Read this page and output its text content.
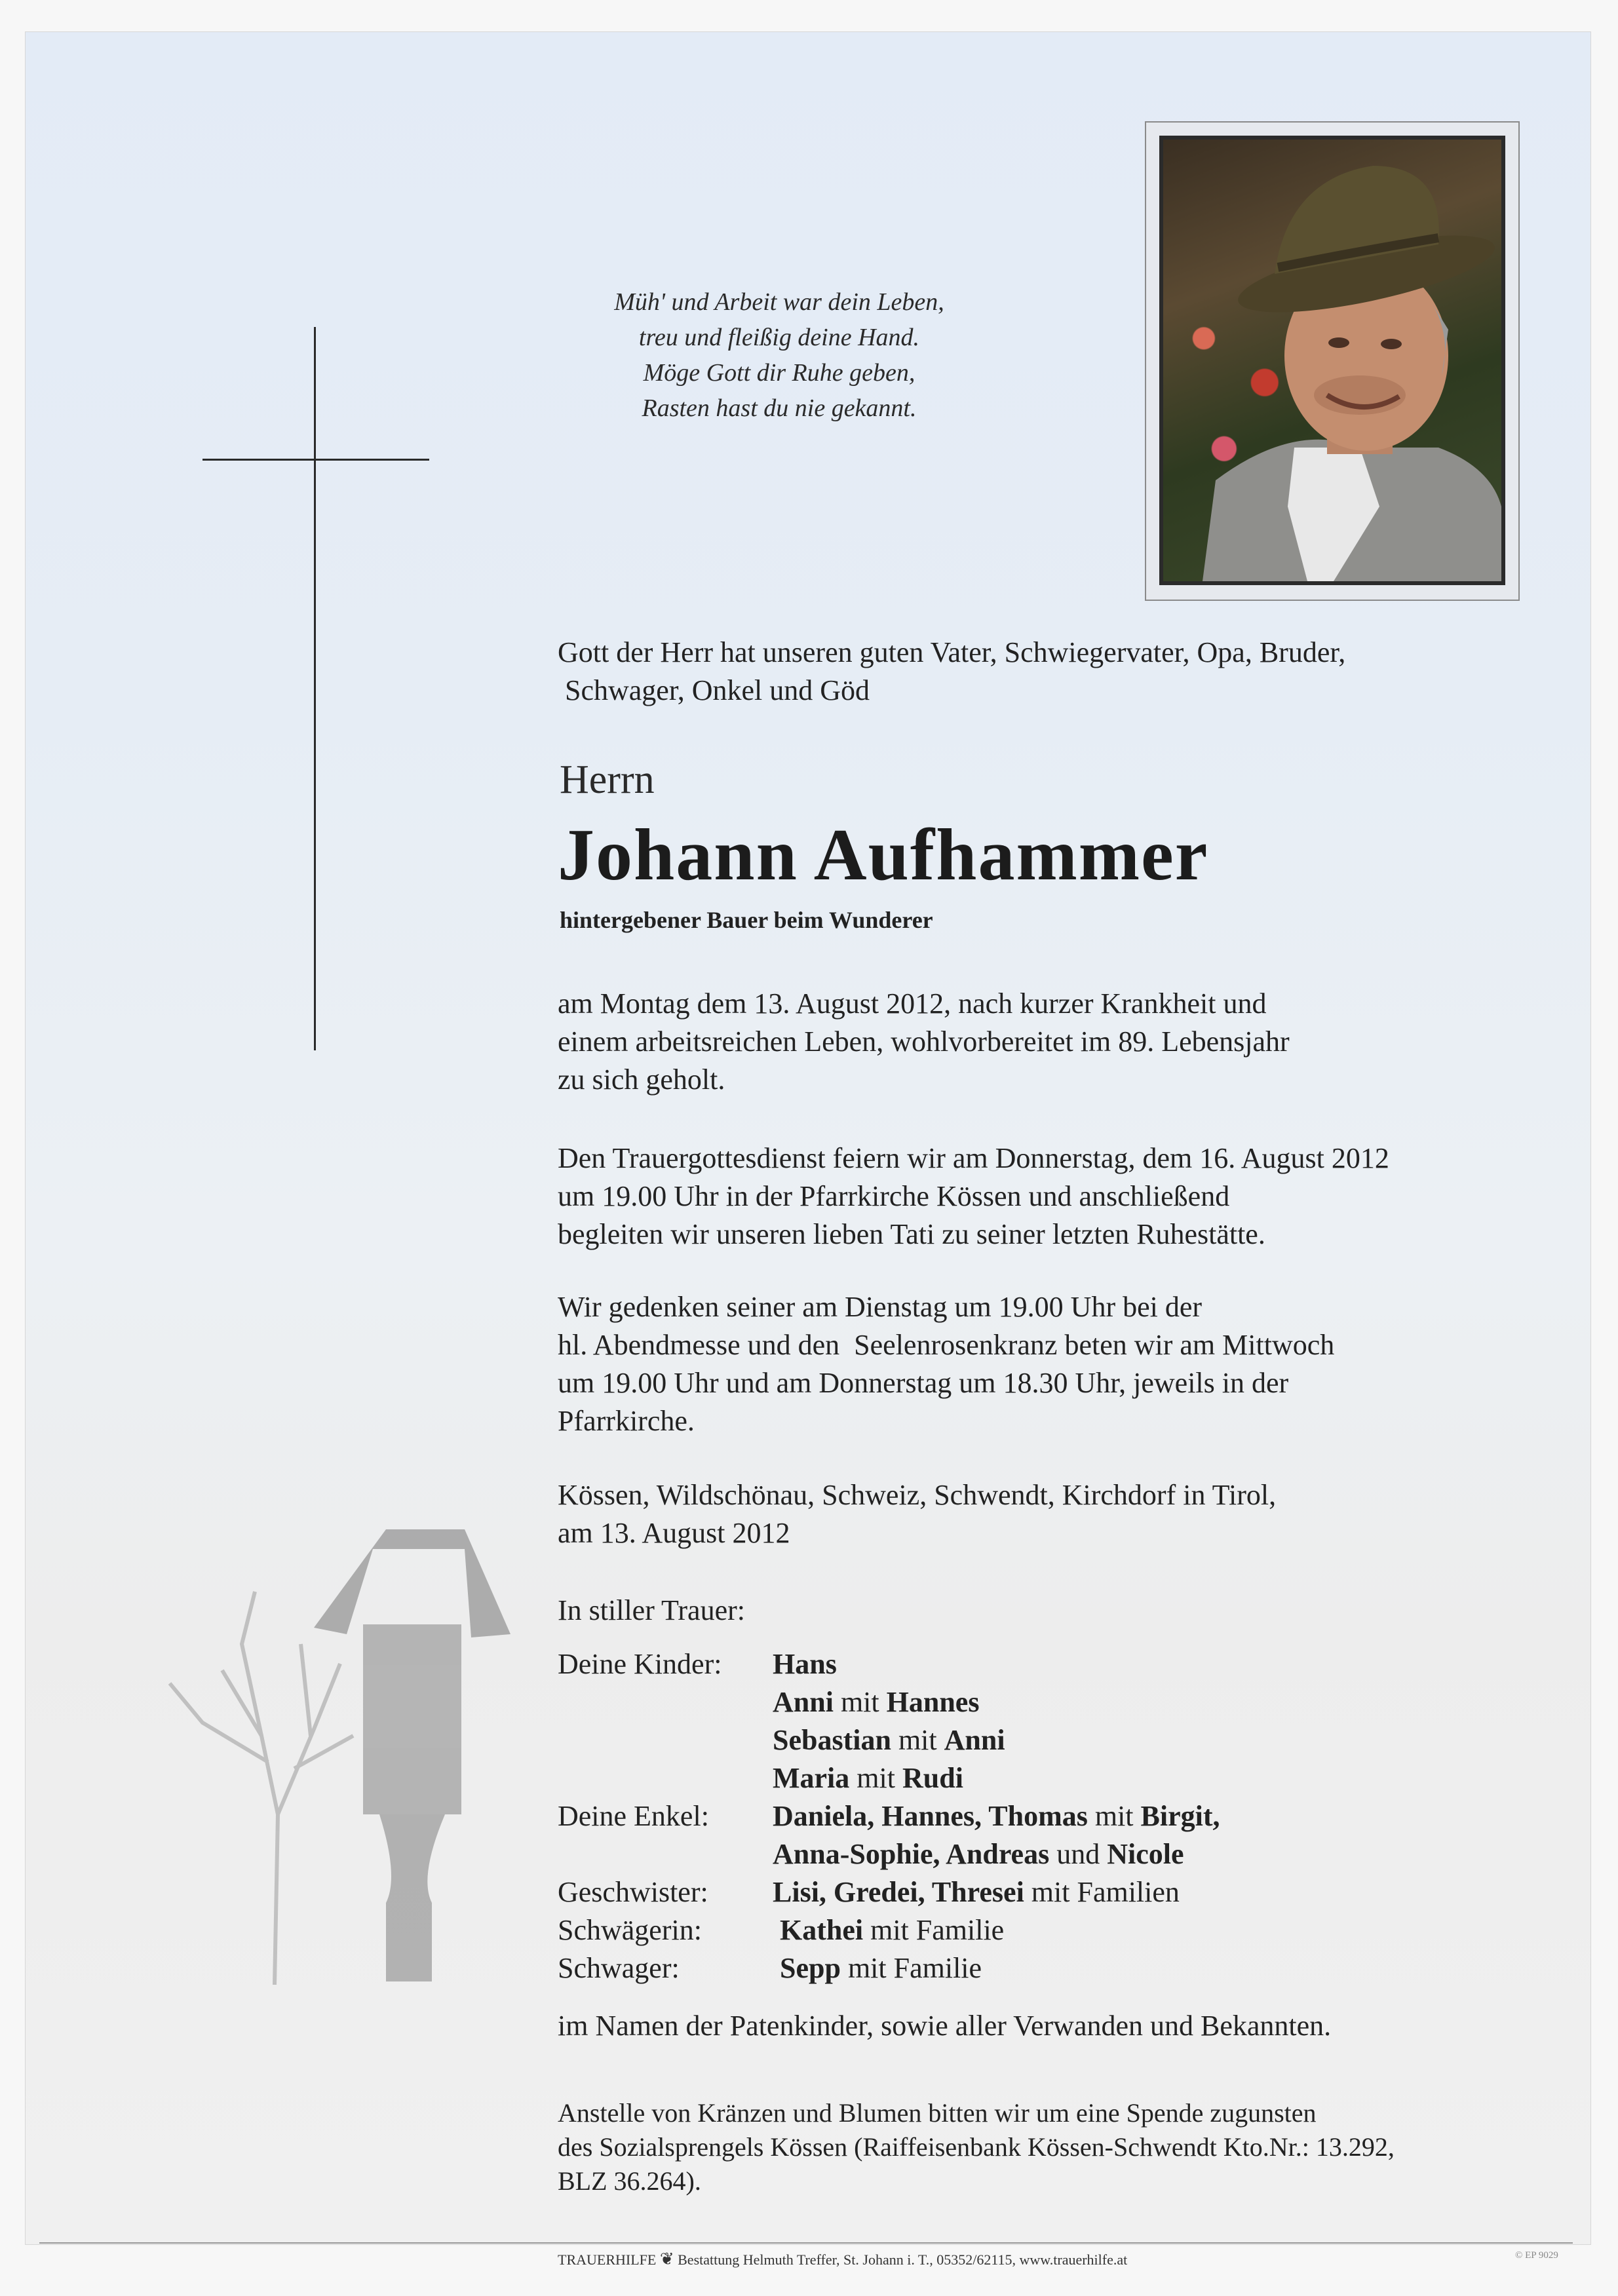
Müh' und Arbeit war dein Leben,
treu und fleißig deine Hand.
Möge Gott dir Ruhe geben,
Rasten hast du nie gekannt.
Gott der Herr hat unseren guten Vater, Schwiegervater, Opa, Bruder,
Schwager, Onkel und Göd
Herrn
Johann Aufhammer
hintergebener Bauer beim Wunderer
am Montag dem 13. August 2012, nach kurzer Krankheit und
einem arbeitsreichen Leben, wohlvorbereitet im 89. Lebensjahr
zu sich geholt.
Den Trauergottesdienst feiern wir am Donnerstag, dem 16. August 2012
um 19.00 Uhr in der Pfarrkirche Kössen und anschließend
begleiten wir unseren lieben Tati zu seiner letzten Ruhestätte.
Wir gedenken seiner am Dienstag um 19.00 Uhr bei der
hl. Abendmesse und den  Seelenrosenkranz beten wir am Mittwoch
um 19.00 Uhr und am Donnerstag um 18.30 Uhr, jeweils in der
Pfarrkirche.
Kössen, Wildschönau, Schweiz, Schwendt, Kirchdorf in Tirol,
am 13. August 2012
In stiller Trauer:
Deine Kinder:	Hans
Anni mit Hannes
Sebastian mit Anni
Maria mit Rudi
Deine Enkel:	Daniela, Hannes, Thomas mit Birgit,
Anna-Sophie, Andreas und Nicole
Geschwister:	Lisi, Gredei, Thresei mit Familien
Schwägerin:	Kathei mit Familie
Schwager:	Sepp mit Familie
im Namen der Patenkinder, sowie aller Verwanden und Bekannten.
Anstelle von Kränzen und Blumen bitten wir um eine Spende zugunsten
des Sozialsprengels Kössen (Raiffeisenbank Kössen-Schwendt Kto.Nr.: 13.292,
BLZ 36.264).
TRAUERHILFE ❦ Bestattung Helmuth Treffer, St. Johann i. T., 05352/62115, www.trauerhilfe.at	© EP 9029
